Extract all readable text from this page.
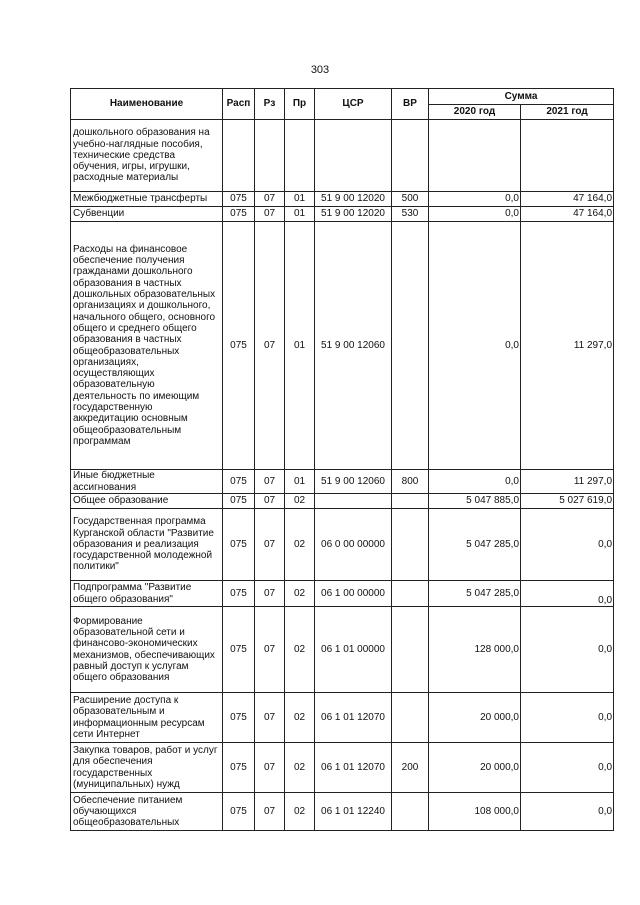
303
Наименование	Расп	Рз	Пр	ЦСР	ВР	Сумма	
						2020 год	2021 год
дошкольного образования на учебно-наглядные пособия, технические средства обучения, игры, игрушки, расходные материалы							
Межбюджетные трансферты	075	07	01	51 9 00 12020	500	0,0	47 164,0
Субвенции	075	07	01	51 9 00 12020	530	0,0	47 164,0
Расходы на финансовое обеспечение получения гражданами дошкольного образования в частных дошкольных образовательных организациях и дошкольного, начального общего, основного общего и среднего общего образования в частных общеобразовательных организациях, осуществляющих образовательную деятельность по имеющим государственную аккредитацию основным общеобразовательным программам	075	07	01	51 9 00 12060		0,0	11 297,0
Иные бюджетные ассигнования	075	07	01	51 9 00 12060	800	0,0	11 297,0
Общее образование	075	07	02			5 047 885,0	5 027 619,0
Государственная программа Курганской области "Развитие образования и реализация государственной молодежной политики"	075	07	02	06 0 00 00000		5 047 285,0	0,0
Подпрограмма "Развитие общего образования"	075	07	02	06 1 00 00000		5 047 285,0	0,0
Формирование образовательной сети и финансово-экономических механизмов, обеспечивающих равный доступ к услугам общего образования	075	07	02	06 1 01 00000		128 000,0	0,0
Расширение доступа к образовательным и информационным ресурсам сети Интернет	075	07	02	06 1 01 12070		20 000,0	0,0
Закупка товаров, работ и услуг для обеспечения государственных (муниципальных) нужд	075	07	02	06 1 01 12070	200	20 000,0	0,0
Обеспечение питанием обучающихся общеобразовательных	075	07	02	06 1 01 12240		108 000,0	0,0
